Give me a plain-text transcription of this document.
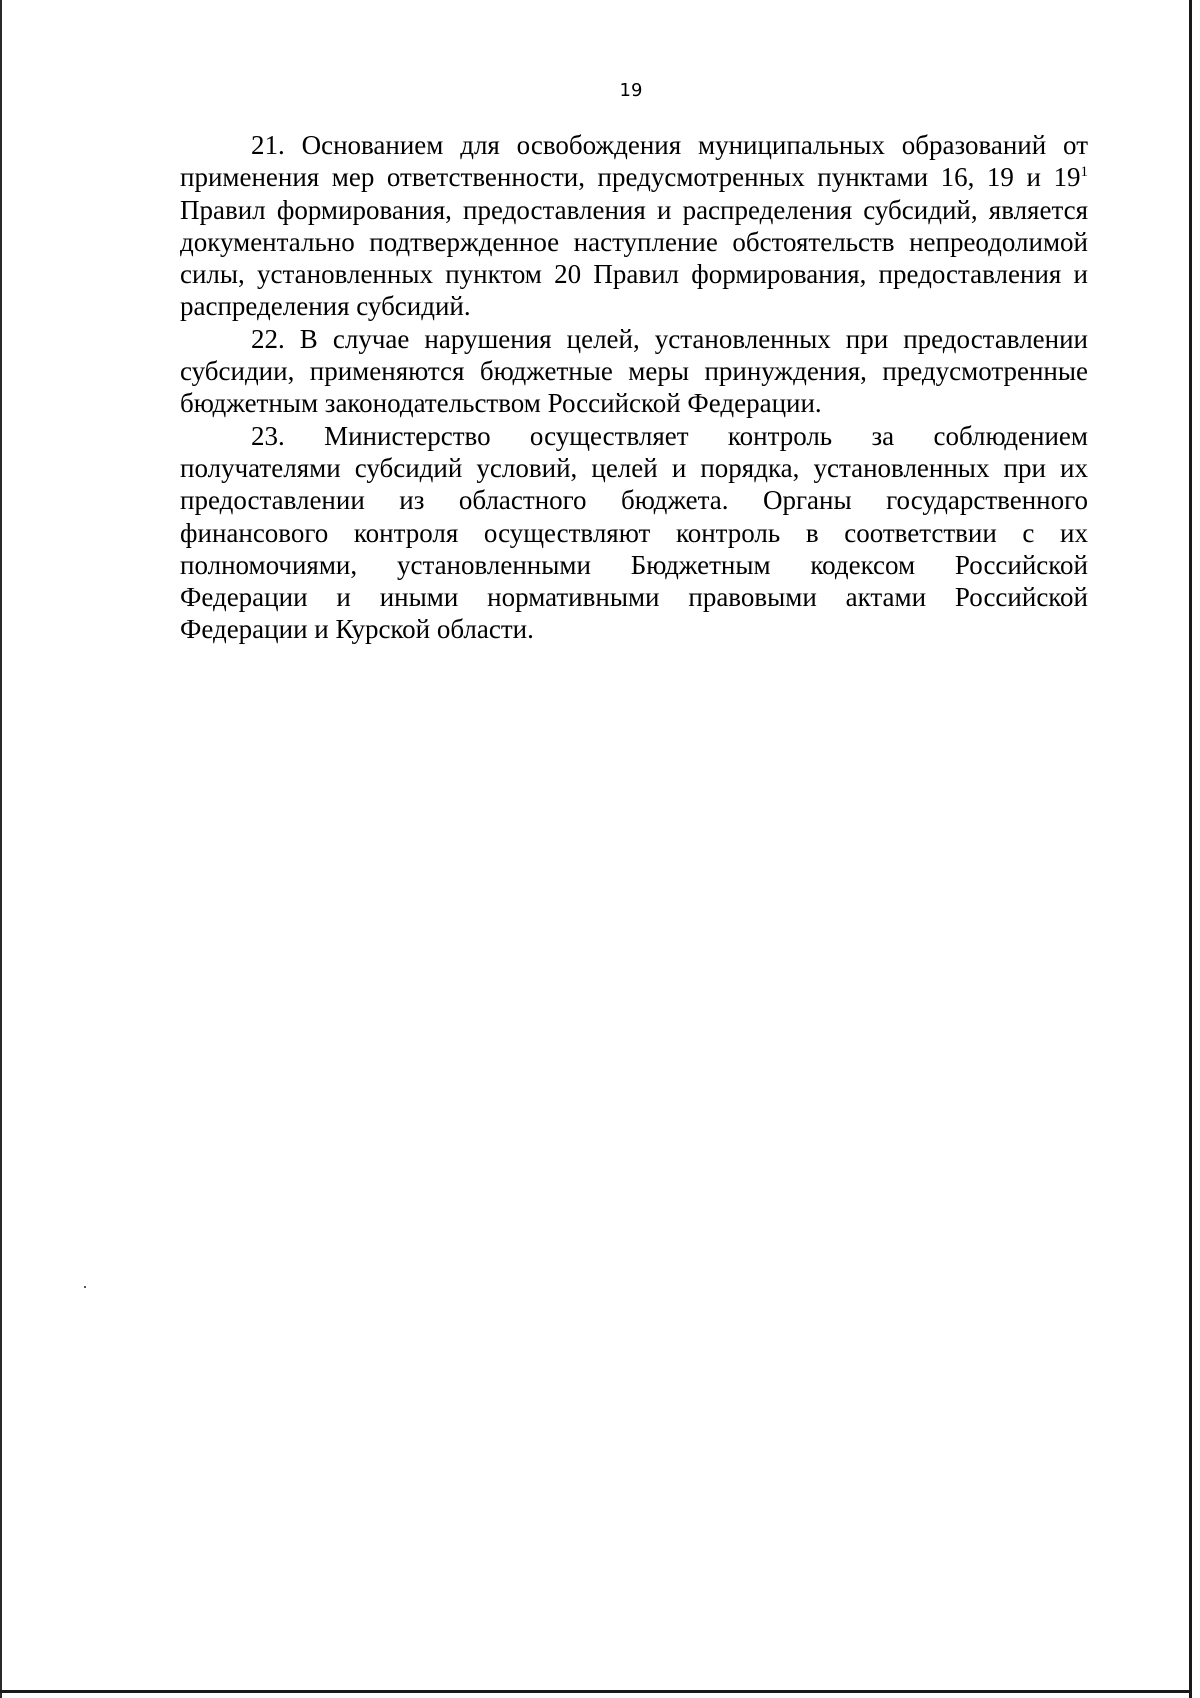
19

21. Основанием для освобождения муниципальных образований от применения мер ответственности, предусмотренных пунктами 16, 19 и $19^1$ Правил формирования, предоставления и распределения субсидий, является документально подтвержденное наступление обстоятельств непреодолимой силы, установленных пунктом 20 Правил формирования, предоставления и распределения субсидий.

22. В случае нарушения целей, установленных при предоставлении субсидии, применяются бюджетные меры принуждения, предусмотренные бюджетным законодательством Российской Федерации.

23. Министерство осуществляет контроль за соблюдением получателями субсидий условий, целей и порядка, установленных при их предоставлении из областного бюджета. Органы государственного финансового контроля осуществляют контроль в соответствии с их полномочиями, установленными Бюджетным кодексом Российской Федерации и иными нормативными правовыми актами Российской Федерации и Курской области.
